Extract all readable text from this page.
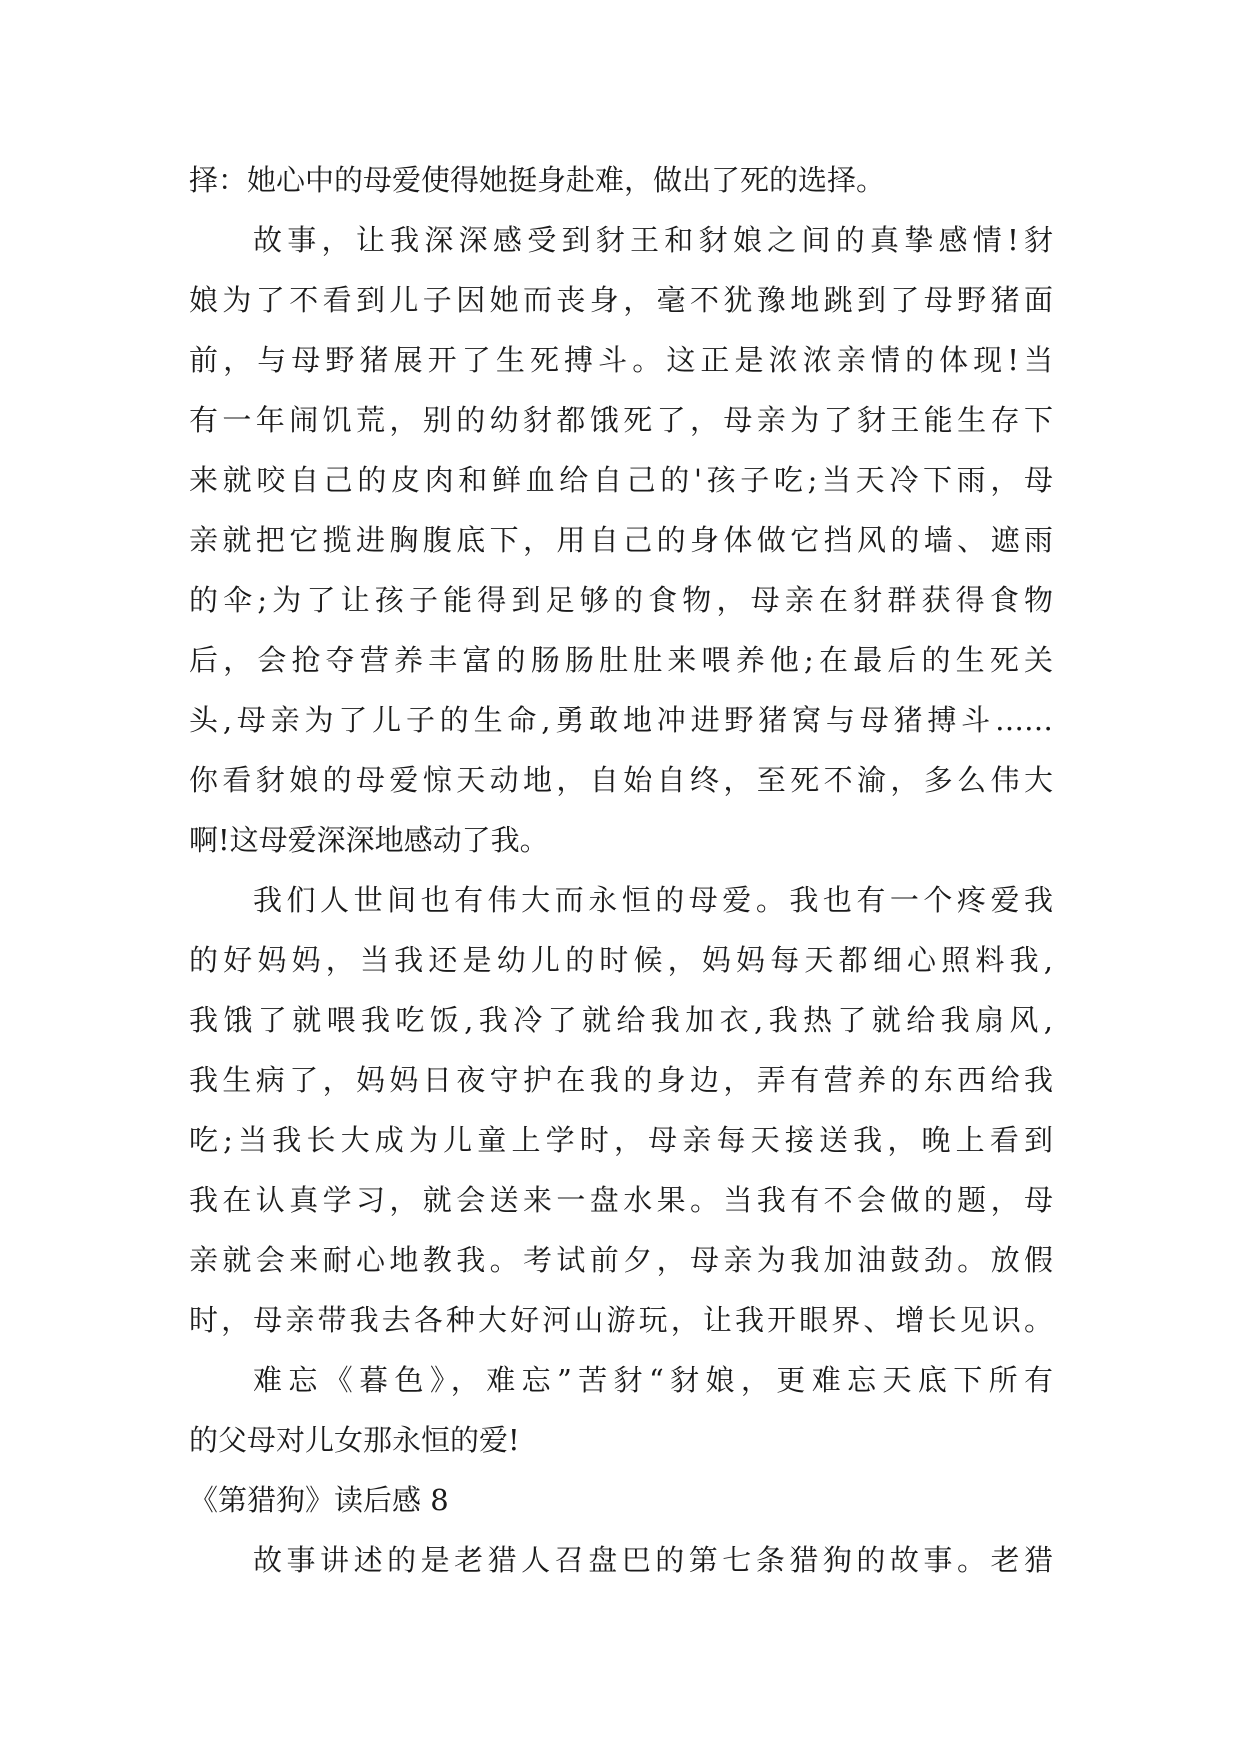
择：她心中的母爱使得她挺身赴难，做出了死的选择。
故事，让我深深感受到豺王和豺娘之间的真挚感情!豺
娘为了不看到儿子因她而丧身，毫不犹豫地跳到了母野猪面
前，与母野猪展开了生死搏斗。这正是浓浓亲情的体现!当
有一年闹饥荒，别的幼豺都饿死了，母亲为了豺王能生存下
来就咬自己的皮肉和鲜血给自己的'孩子吃;当天冷下雨，母
亲就把它揽进胸腹底下，用自己的身体做它挡风的墙、遮雨
的伞;为了让孩子能得到足够的食物，母亲在豺群获得食物
后，会抢夺营养丰富的肠肠肚肚来喂养他;在最后的生死关
头,母亲为了儿子的生命,勇敢地冲进野猪窝与母猪搏斗……
你看豺娘的母爱惊天动地，自始自终，至死不渝，多么伟大
啊!这母爱深深地感动了我。
我们人世间也有伟大而永恒的母爱。我也有一个疼爱我
的好妈妈，当我还是幼儿的时候，妈妈每天都细心照料我,
我饿了就喂我吃饭,我冷了就给我加衣,我热了就给我扇风,
我生病了，妈妈日夜守护在我的身边，弄有营养的东西给我
吃;当我长大成为儿童上学时，母亲每天接送我，晚上看到
我在认真学习，就会送来一盘水果。当我有不会做的题，母
亲就会来耐心地教我。考试前夕，母亲为我加油鼓劲。放假
时，母亲带我去各种大好河山游玩，让我开眼界、增长见识。
难忘《暮色》，难忘”苦豺“豺娘，更难忘天底下所有
的父母对儿女那永恒的爱!
《第猎狗》读后感 8
故事讲述的是老猎人召盘巴的第七条猎狗的故事。老猎
